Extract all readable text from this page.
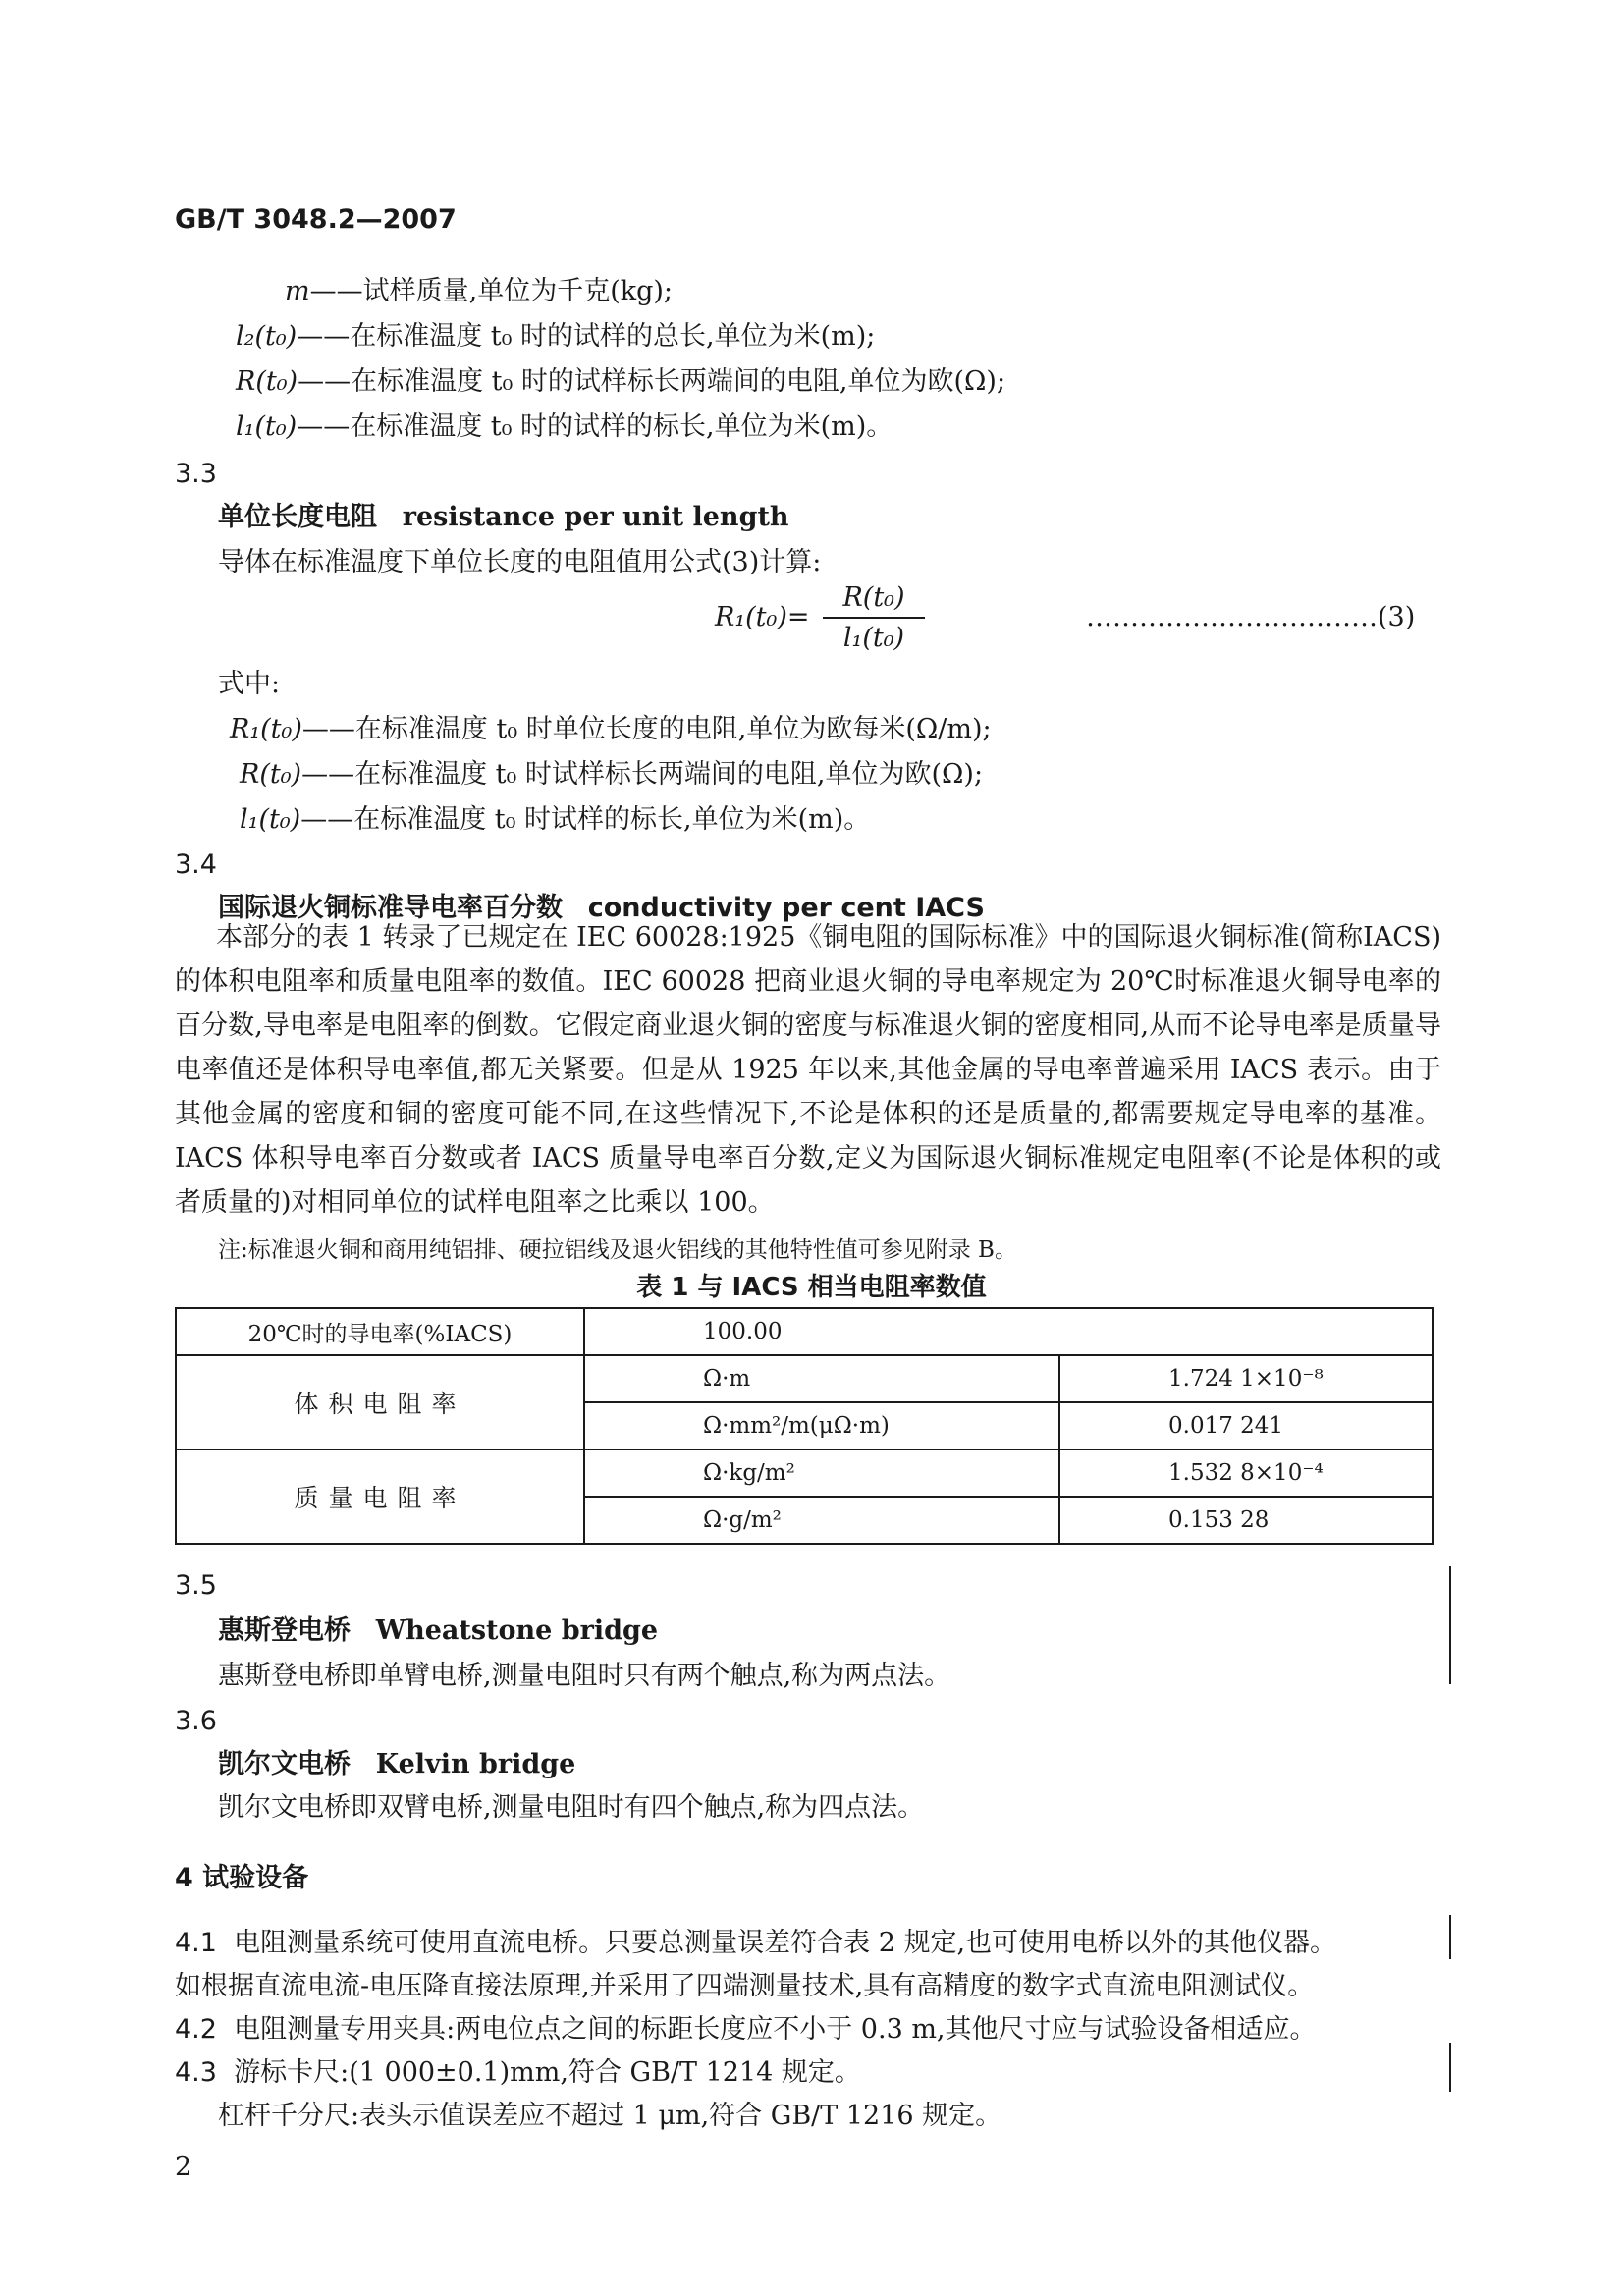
GB/T 3048.2—2007
m——试样质量,单位为千克(kg);
l₂(t₀)——在标准温度 t₀ 时的试样的总长,单位为米(m);
R(t₀)——在标准温度 t₀ 时的试样标长两端间的电阻,单位为欧(Ω);
l₁(t₀)——在标准温度 t₀ 时的试样的标长,单位为米(m)。
3.3
单位长度电阻 resistance per unit length
导体在标准温度下单位长度的电阻值用公式(3)计算:
R₁(t₀)=
R(t₀)
l₁(t₀)
……………………………(3)
式中:
R₁(t₀)——在标准温度 t₀ 时单位长度的电阻,单位为欧每米(Ω/m);
R(t₀)——在标准温度 t₀ 时试样标长两端间的电阻,单位为欧(Ω);
l₁(t₀)——在标准温度 t₀ 时试样的标长,单位为米(m)。
3.4
国际退火铜标准导电率百分数 conductivity per cent IACS
本部分的表 1 转录了已规定在 IEC 60028:1925《铜电阻的国际标准》中的国际退火铜标准(简称IACS)的体积电阻率和质量电阻率的数值。IEC 60028 把商业退火铜的导电率规定为 20℃时标准退火铜导电率的百分数,导电率是电阻率的倒数。它假定商业退火铜的密度与标准退火铜的密度相同,从而不论导电率是质量导电率值还是体积导电率值,都无关紧要。但是从 1925 年以来,其他金属的导电率普遍采用 IACS 表示。由于其他金属的密度和铜的密度可能不同,在这些情况下,不论是体积的还是质量的,都需要规定导电率的基准。IACS 体积导电率百分数或者 IACS 质量导电率百分数,定义为国际退火铜标准规定电阻率(不论是体积的或者质量的)对相同单位的试样电阻率之比乘以 100。
注:标准退火铜和商用纯铝排、硬拉铝线及退火铝线的其他特性值可参见附录 B。
表 1 与 IACS 相当电阻率数值
20℃时的导电率(%IACS)	100.00	
体积电阻率	Ω·m	1.724 1×10⁻⁸
	Ω·mm²/m(μΩ·m)	0.017 241
质量电阻率	Ω·kg/m²	1.532 8×10⁻⁴
	Ω·g/m²	0.153 28
3.5
惠斯登电桥 Wheatstone bridge
惠斯登电桥即单臂电桥,测量电阻时只有两个触点,称为两点法。
3.6
凯尔文电桥 Kelvin bridge
凯尔文电桥即双臂电桥,测量电阻时有四个触点,称为四点法。
4 试验设备
4.1 电阻测量系统可使用直流电桥。只要总测量误差符合表 2 规定,也可使用电桥以外的其他仪器。
如根据直流电流-电压降直接法原理,并采用了四端测量技术,具有高精度的数字式直流电阻测试仪。
4.2 电阻测量专用夹具:两电位点之间的标距长度应不小于 0.3 m,其他尺寸应与试验设备相适应。
4.3 游标卡尺:(1 000±0.1)mm,符合 GB/T 1214 规定。
杠杆千分尺:表头示值误差应不超过 1 μm,符合 GB/T 1216 规定。
2
